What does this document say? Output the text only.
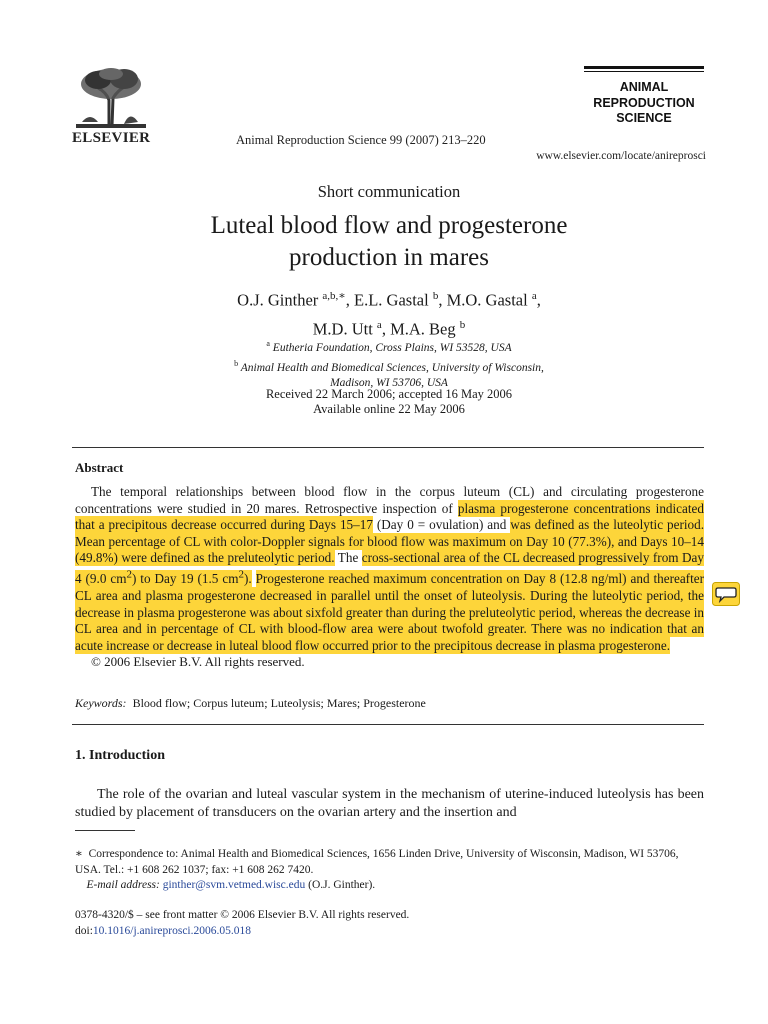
ELSEVIER	Animal Reproduction Science 99 (2007) 213–220
ANIMAL
REPRODUCTION
SCIENCE
www.elsevier.com/locate/anireprosci
Short communication
Luteal blood flow and progesterone
production in mares
O.J. Ginther $^{a,b,∗}$, E.L. Gastal $^b$, M.O. Gastal $^a$,
M.D. Utt $^a$, M.A. Beg $^b$
$^a$ Eutheria Foundation, Cross Plains, WI 53528, USA
$^b$ Animal Health and Biomedical Sciences, University of Wisconsin,
Madison, WI 53706, USA
Received 22 March 2006; accepted 16 May 2006
Available online 22 May 2006
Abstract

The temporal relationships between blood flow in the corpus luteum (CL) and circulating progesterone concentrations were studied in 20 mares. Retrospective inspection of plasma progesterone concentrations indicated that a precipitous decrease occurred during Days 15–17 (Day 0 = ovulation) and was defined as the luteolytic period. Mean percentage of CL with color-Doppler signals for blood flow was maximum on Day 10 (77.3%), and Days 10–14 (49.8%) were defined as the preluteolytic period. The cross-sectional area of the CL decreased progressively from Day 4 (9.0 $cm^2$) to Day 19 (1.5 $cm^2$). Progesterone reached maximum concentration on Day 8 (12.8 ng/ml) and thereafter CL area and plasma progesterone decreased in parallel until the onset of luteolysis. During the luteolytic period, the decrease in plasma progesterone was about sixfold greater than during the preluteolytic period, whereas the decrease in CL area and in percentage of CL with blood-flow area were about twofold greater. There was no indication that an acute increase or decrease in luteal blood flow occurred prior to the precipitous decrease in plasma progesterone.

© 2006 Elsevier B.V. All rights reserved.

Keywords: Blood flow; Corpus luteum; Luteolysis; Mares; Progesterone
1. Introduction
The role of the ovarian and luteal vascular system in the mechanism of uterine-induced luteolysis has been studied by placement of transducers on the ovarian artery and the insertion and
∗ Correspondence to: Animal Health and Biomedical Sciences, 1656 Linden Drive, University of Wisconsin, Madison, WI 53706, USA. Tel.: +1 608 262 1037; fax: +1 608 262 7420.
E-mail address: ginther@svm.vetmed.wisc.edu (O.J. Ginther).
0378-4320/$ – see front matter © 2006 Elsevier B.V. All rights reserved.
doi:10.1016/j.anireprosci.2006.05.018
